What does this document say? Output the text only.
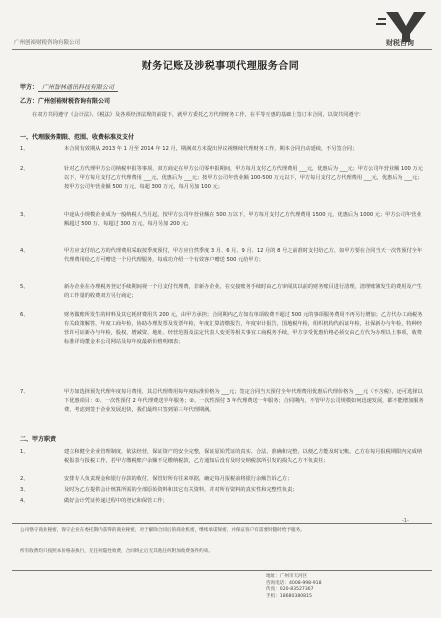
广州创裕财税咨询有限公司	财税咨询
财务记账及涉税事项代理服务合同
甲方： 广州智林通讯科技有限公司
乙方：广州创裕财税咨询有限公司
在双方共同遵守《会计法》、《税法》及各项经济法规的前提下，就甲方委托乙方代理财务工作，在平等互惠的基础上签订本合同，以资共同遵守：
一、代理服务期限、范围、收费标准及支付
1、	本合同有效期从 2013 年 1 月至 2014 年 12 月，期满双方未提出异议视继续代理财务工作，期本合同自动延续，不另签合同；
2、	针对乙方代理甲方公司纳税申报等事项，双方商定在甲方公司零申报期间，甲方每月支付乙方代理费用 ___元，优惠后为 ___元；甲方公司年营业额 100 万元以下，甲方每月支付乙方代理费用 ___元，优惠后为 ___元；按甲方公司年营业额 100-500 万元以下，甲方每月支付乙方代理费用 ___元，优惠后为 ___元；按甲方公司年营业额 500 万元，每超 300 万元，每月另加 100 元；
3、	中途从小规模企业成为一般纳税人当月起，按甲方公司年营业额在 500 万以下，甲方每月支付乙方代理费用 1500 元，优惠后为 1000 元；甲方公司年营业额超过 500 万，每超过 300 万元，每月另加 200 元；
4、	甲方应支付给乙方的代理费用采取按季度预付，甲方应自然季度 3 月、6 月、9 月、12 月的 8 号之前准时支付给乙方，如甲方要在合同当天一次性预付全年代理费用给乙方可赠送一个月代理服务，每成功介绍一个有效客户赠送 500 元给甲方；
5、	新办企业在办理税务登记手续期间视一个月支付代理费，非新办企业，在交接账务手续时由乙方审阅其以前的财务账目进行清理，清理账簿发生的费用及产生的工作量的收费双方另行商定；
6、	财务做账所发生的材料及其它耗材费用共 200 元，由甲方承担；合同期内乙方如有单项收费不超过 500 元的事项服务费用不再另行增加；乙方代办工商税务有关政策解答，年度工商年检，协助办理发票及发票年检，年度汇算清缴报告，年度审计报告，国地税年检，组织机构代码证年检，社保新办与年检，特种经营许可证新办与年检，股权、增减资、地址、经营范围及法定代表人变更等相关事宜工商税务手续，甲方享受优惠价格必须交由乙方代为办理以上事项，收费标准详询董金本公司网站及每年度最新价格明细表；
7、	甲方如选择预先代理年度每月费用，其总代理费用每年度标准价格为 ___元；签定合同当天预付全年代理费用优惠后代理价格为 ___元（不含税），还可选择以下优惠项目：①、一次性预付 2 年代理费送半年服务；②、一次性预付 3 年代理费送一年服务；合同期内，不管甲方公司规模如何迅速发展，都不能增加服务费，考虑到签于企业发展迅快，我们最终只签到第三年代理期满。
二、甲方职责
1、	建立和健全企业管理制度，依法经营，保证资产的安全完整，保证原始凭证的真实、合法、准确和完整，以便乙方能及时记帐。乙方在每月报税期限内完成纳税报表与报税工作，若甲方缴税账户余额不足缴纳税款，乙方通知后没有及时交纳税款所引发的损失乙方不负责任；
2、	安排专人负责现金和银行存款的收付，保管好所有往来单据，确定每月报税前将银行余额告诉乙方；
3、	及时为乙方提供会计核算所需的全部原始资料和其它有关资料，并对所有资料的真实性和完整性负责；
4、	做好会计凭证传递过程中的登记和保管工作；
-1-
公司恪守商业秘密，保守企业在委托期内获得的商业秘密，对于解除合同后的商业机密，继续承诺保密，并保证客户有需要时随时给予服务。
所有收费均只按照本价格表执行，无任何隐性收费，合同终止后无其他任何附加收费条件约束。
地址：广州市天河区
咨询电话：4008-998-918
传真：020-83527367
手机：18680380815
